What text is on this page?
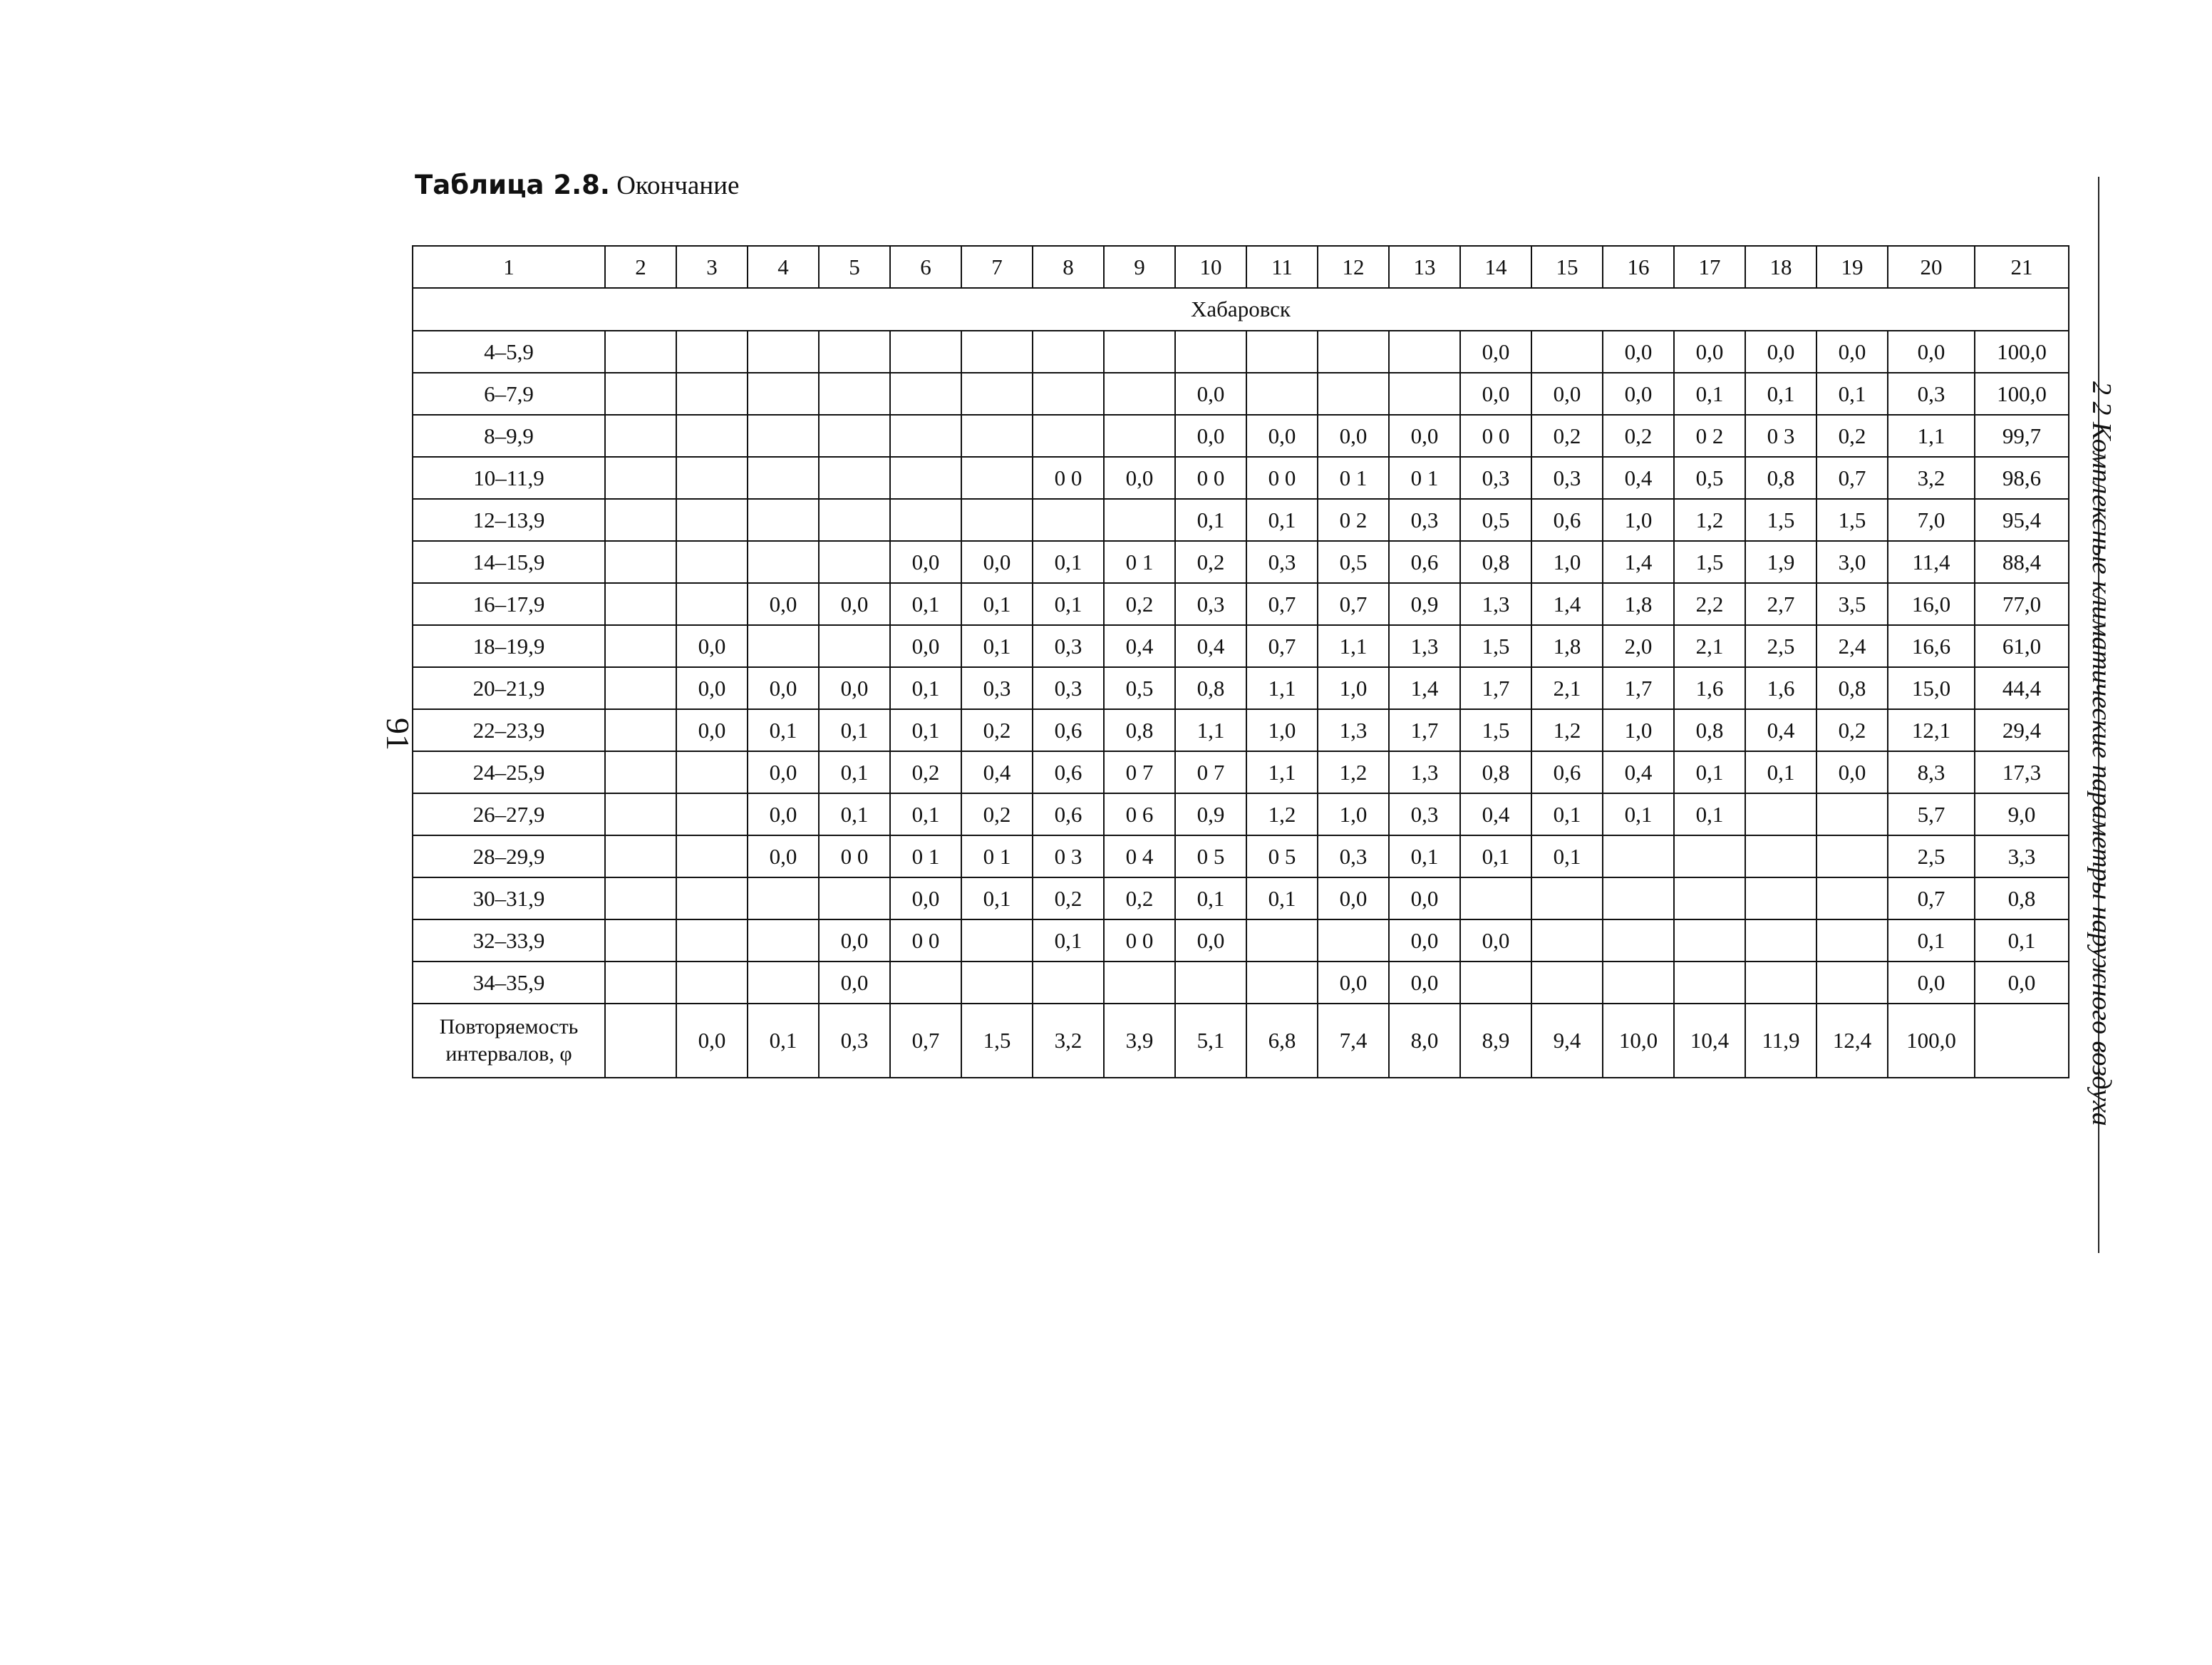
Таблица 2.8. Окончание
91	2 2 Комплексные климатические параметры наружного воздуха
1	2	3	4	5	6	7	8	9	10	11	12	13	14	15	16	17	18	19	20	21
Хабаровск																				
4–5,9													0,0		0,0	0,0	0,0	0,0	0,0	100,0
6–7,9									0,0				0,0	0,0	0,0	0,1	0,1	0,1	0,3	100,0
8–9,9									0,0	0,0	0,0	0,0	0 0	0,2	0,2	0 2	0 3	0,2	1,1	99,7
10–11,9							0 0	0,0	0 0	0 0	0 1	0 1	0,3	0,3	0,4	0,5	0,8	0,7	3,2	98,6
12–13,9									0,1	0,1	0 2	0,3	0,5	0,6	1,0	1,2	1,5	1,5	7,0	95,4
14–15,9					0,0	0,0	0,1	0 1	0,2	0,3	0,5	0,6	0,8	1,0	1,4	1,5	1,9	3,0	11,4	88,4
16–17,9			0,0	0,0	0,1	0,1	0,1	0,2	0,3	0,7	0,7	0,9	1,3	1,4	1,8	2,2	2,7	3,5	16,0	77,0
18–19,9		0,0			0,0	0,1	0,3	0,4	0,4	0,7	1,1	1,3	1,5	1,8	2,0	2,1	2,5	2,4	16,6	61,0
20–21,9		0,0	0,0	0,0	0,1	0,3	0,3	0,5	0,8	1,1	1,0	1,4	1,7	2,1	1,7	1,6	1,6	0,8	15,0	44,4
22–23,9		0,0	0,1	0,1	0,1	0,2	0,6	0,8	1,1	1,0	1,3	1,7	1,5	1,2	1,0	0,8	0,4	0,2	12,1	29,4
24–25,9			0,0	0,1	0,2	0,4	0,6	0 7	0 7	1,1	1,2	1,3	0,8	0,6	0,4	0,1	0,1	0,0	8,3	17,3
26–27,9			0,0	0,1	0,1	0,2	0,6	0 6	0,9	1,2	1,0	0,3	0,4	0,1	0,1	0,1			5,7	9,0
28–29,9			0,0	0 0	0 1	0 1	0 3	0 4	0 5	0 5	0,3	0,1	0,1	0,1					2,5	3,3
30–31,9					0,0	0,1	0,2	0,2	0,1	0,1	0,0	0,0							0,7	0,8
32–33,9				0,0	0 0		0,1	0 0	0,0			0,0	0,0						0,1	0,1
34–35,9				0,0							0,0	0,0							0,0	0,0

Повторяемость
интервалов, φ		0,0	0,1	0,3	0,7	1,5	3,2	3,9	5,1	6,8	7,4	8,0	8,9	9,4	10,0	10,4	11,9	12,4	100,0	
